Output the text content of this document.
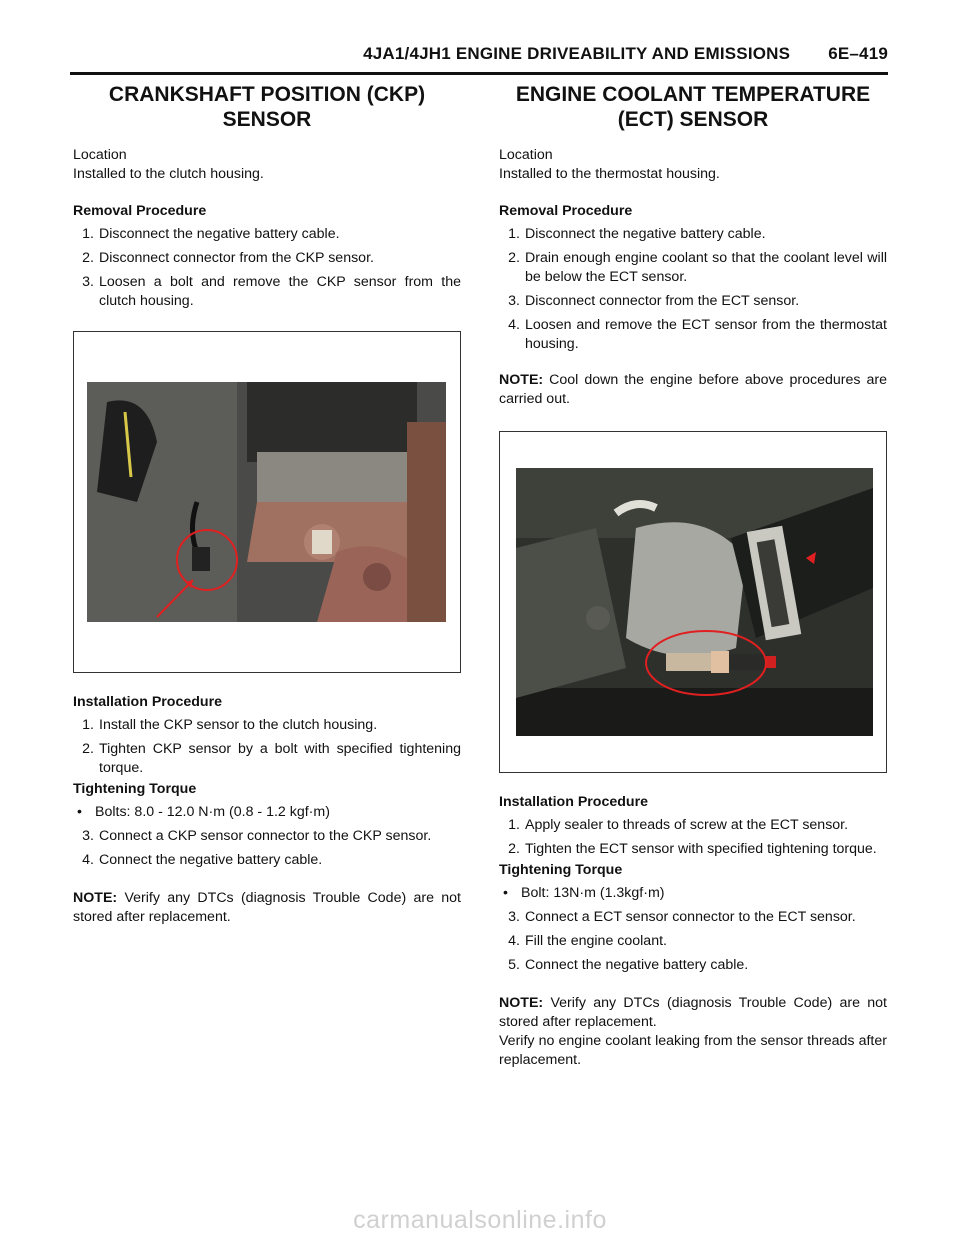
4JA1/4JH1 ENGINE DRIVEABILITY AND EMISSIONS 6E–419
CRANKSHAFT POSITION (CKP)
SENSOR

Location

Installed to the clutch housing.

Removal Procedure

1. Disconnect the negative battery cable.
2. Disconnect connector from the CKP sensor.
3. Loosen a bolt and remove the CKP sensor from the clutch housing.

Installation Procedure

1. Install the CKP sensor to the clutch housing.
2. Tighten CKP sensor by a bolt with specified tightening torque.

Tightening Torque

• Bolts: 8.0 - 12.0 N·m (0.8 - 1.2 kgf·m)
3. Connect a CKP sensor connector to the CKP sensor.
4. Connect the negative battery cable.

NOTE: Verify any DTCs (diagnosis Trouble Code) are not stored after replacement.

ENGINE COOLANT TEMPERATURE
(ECT) SENSOR

Location

Installed to the thermostat housing.

Removal Procedure

1. Disconnect the negative battery cable.
2. Drain enough engine coolant so that the coolant level will be below the ECT sensor.
3. Disconnect connector from the ECT sensor.
4. Loosen and remove the ECT sensor from the thermostat housing.

NOTE: Cool down the engine before above procedures are carried out.

Installation Procedure

1. Apply sealer to threads of screw at the ECT sensor.
2. Tighten the ECT sensor with specified tightening torque.

Tightening Torque

• Bolt: 13N·m (1.3kgf·m)
3. Connect a ECT sensor connector to the ECT sensor.
4. Fill the engine coolant.
5. Connect the negative battery cable.

NOTE: Verify any DTCs (diagnosis Trouble Code) are not stored after replacement.

Verify no engine coolant leaking from the sensor threads after replacement.

carmanualsonline.info
